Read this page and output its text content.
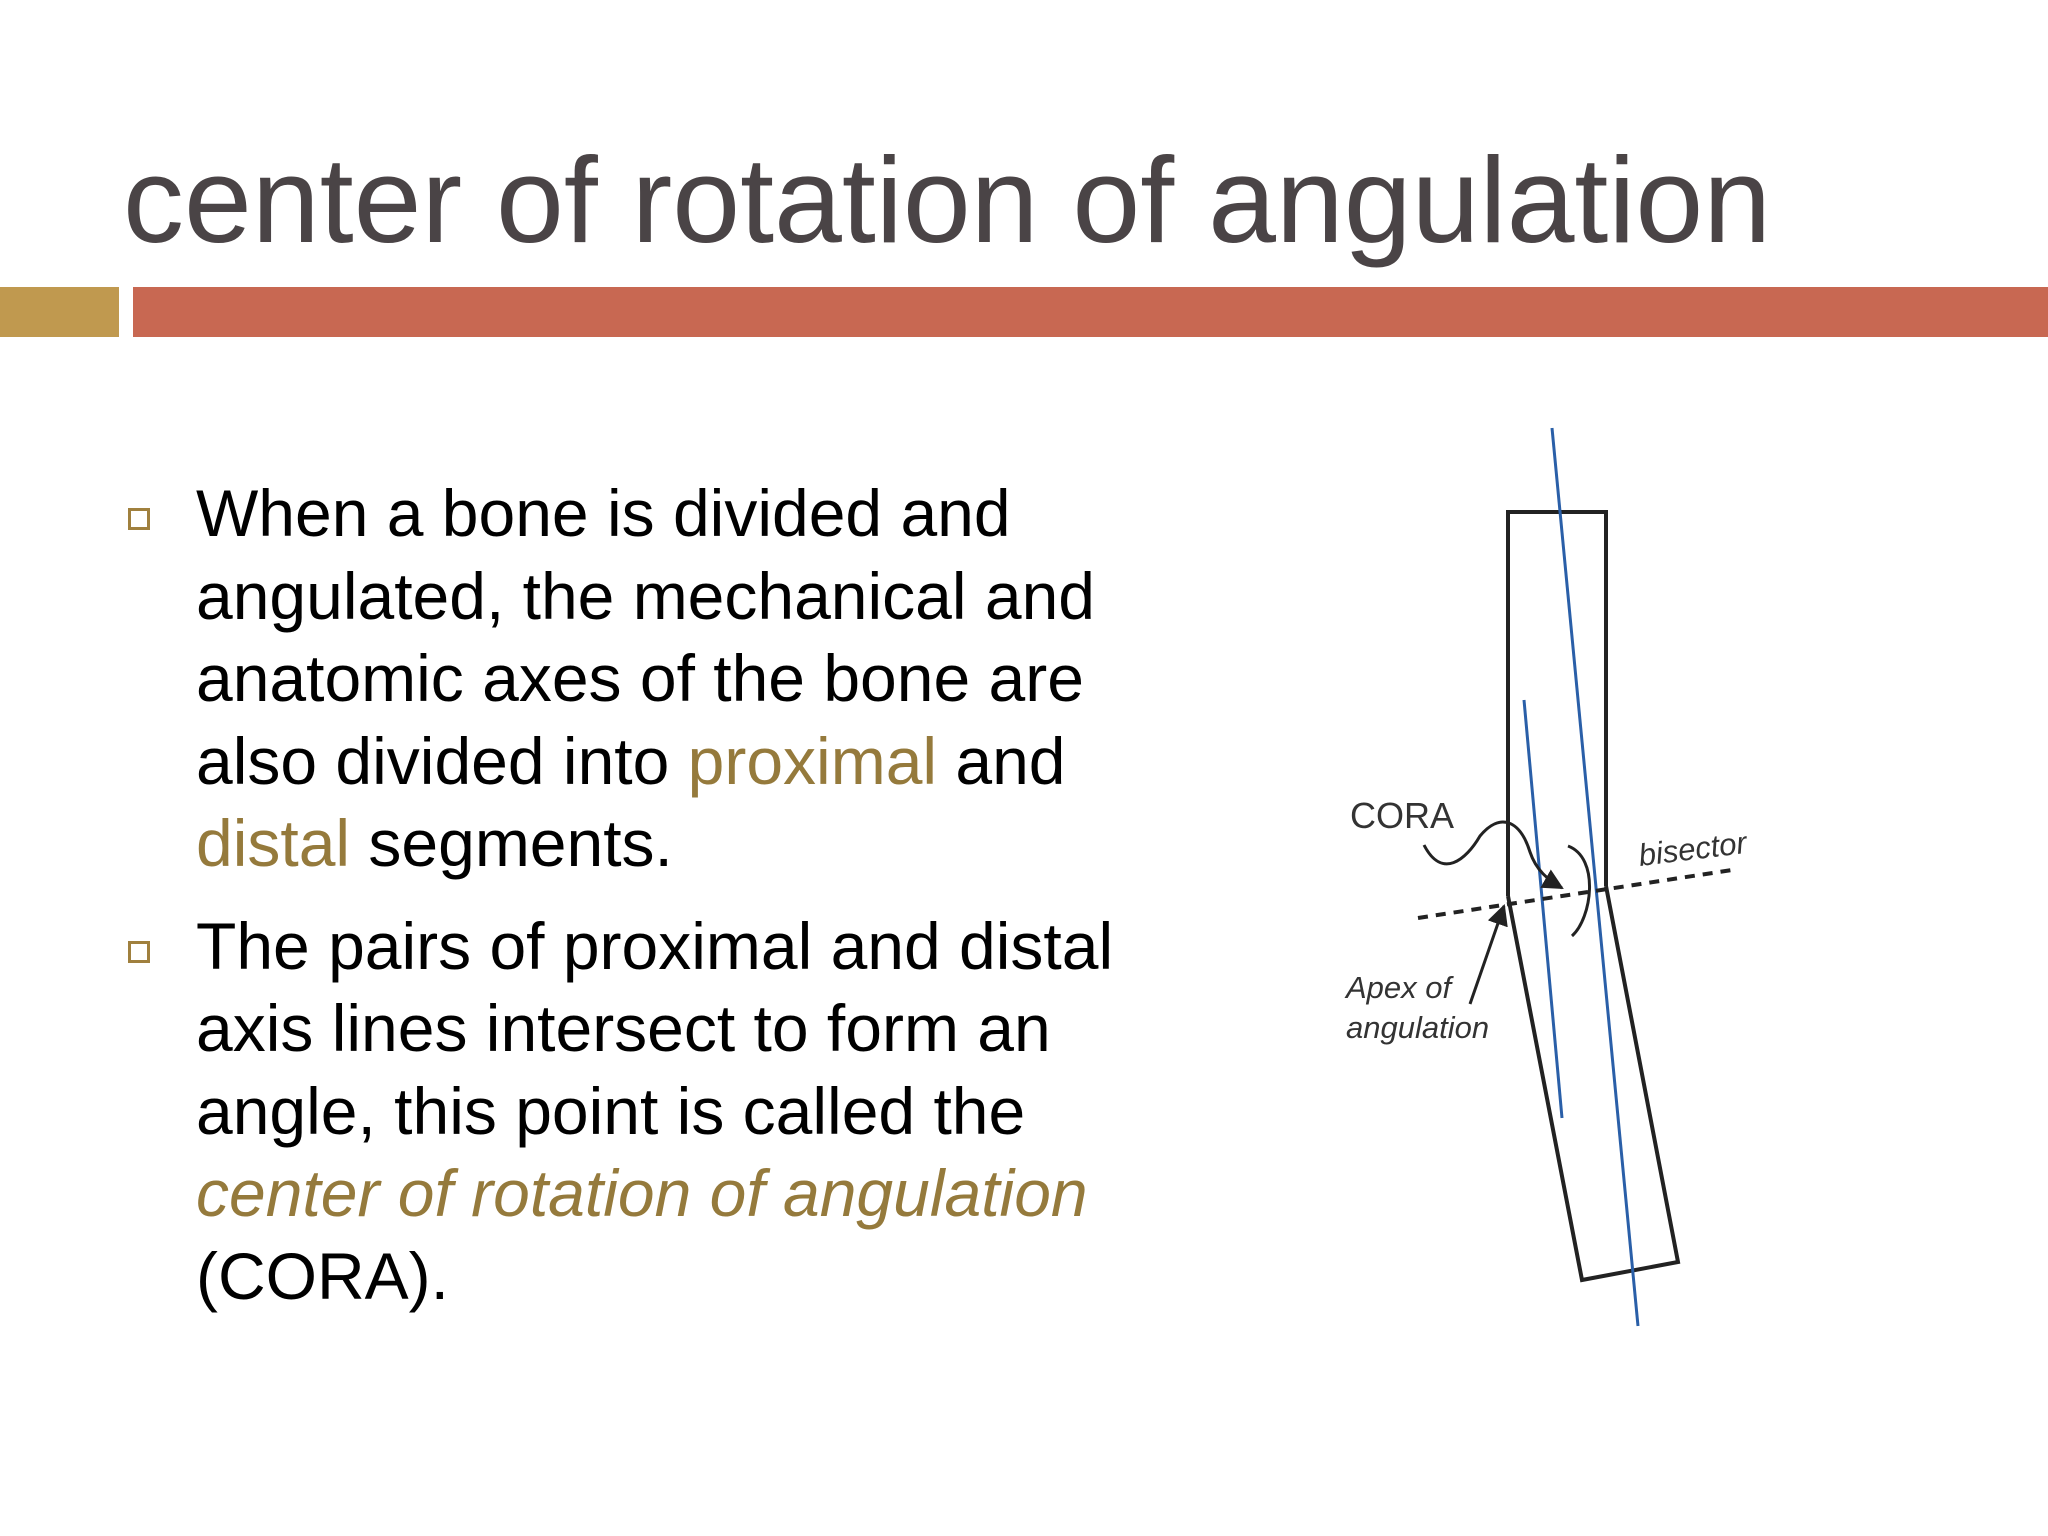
center of rotation of angulation
When a bone is divided and angulated, the mechanical and anatomic axes of the bone are also divided into proximal and distal segments.
The pairs of proximal and distal axis lines intersect to form an angle, this point is called the center of rotation of angulation (CORA).
CORA
bisector
Apex of
angulation
